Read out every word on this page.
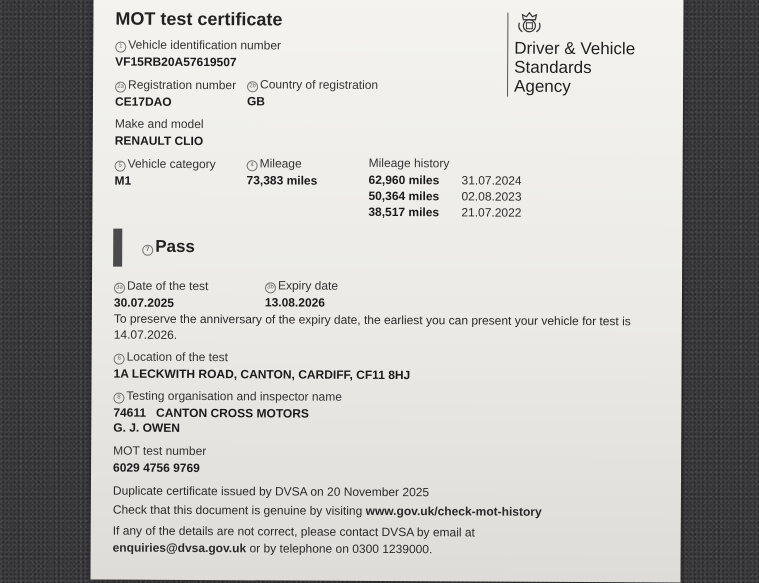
MOT test certificate
1 Vehicle identification number
VF15RB20A57619507
2a Registration number
CE17DAO
2b Country of registration
GB
Make and model
RENAULT CLIO
5 Vehicle category
M1
4 Mileage
73,383 miles
Mileage history
62,960 miles 31.07.2024
50,364 miles 02.08.2023
38,517 miles 21.07.2022
7 Pass
3a Date of the test
30.07.2025
3b Expiry date
13.08.2026
To preserve the anniversary of the expiry date, the earliest you can present your vehicle for test is
14.07.2026.
6 Location of the test
1A LECKWITH ROAD, CANTON, CARDIFF, CF11 8HJ
8 Testing organisation and inspector name
74611   CANTON CROSS MOTORS
G. J. OWEN
MOT test number
6029 4756 9769
Duplicate certificate issued by DVSA on 20 November 2025
Check that this document is genuine by visiting www.gov.uk/check-mot-history
If any of the details are not correct, please contact DVSA by email at
enquiries@dvsa.gov.uk or by telephone on 0300 1239000.
Driver & Vehicle
Standards
Agency
